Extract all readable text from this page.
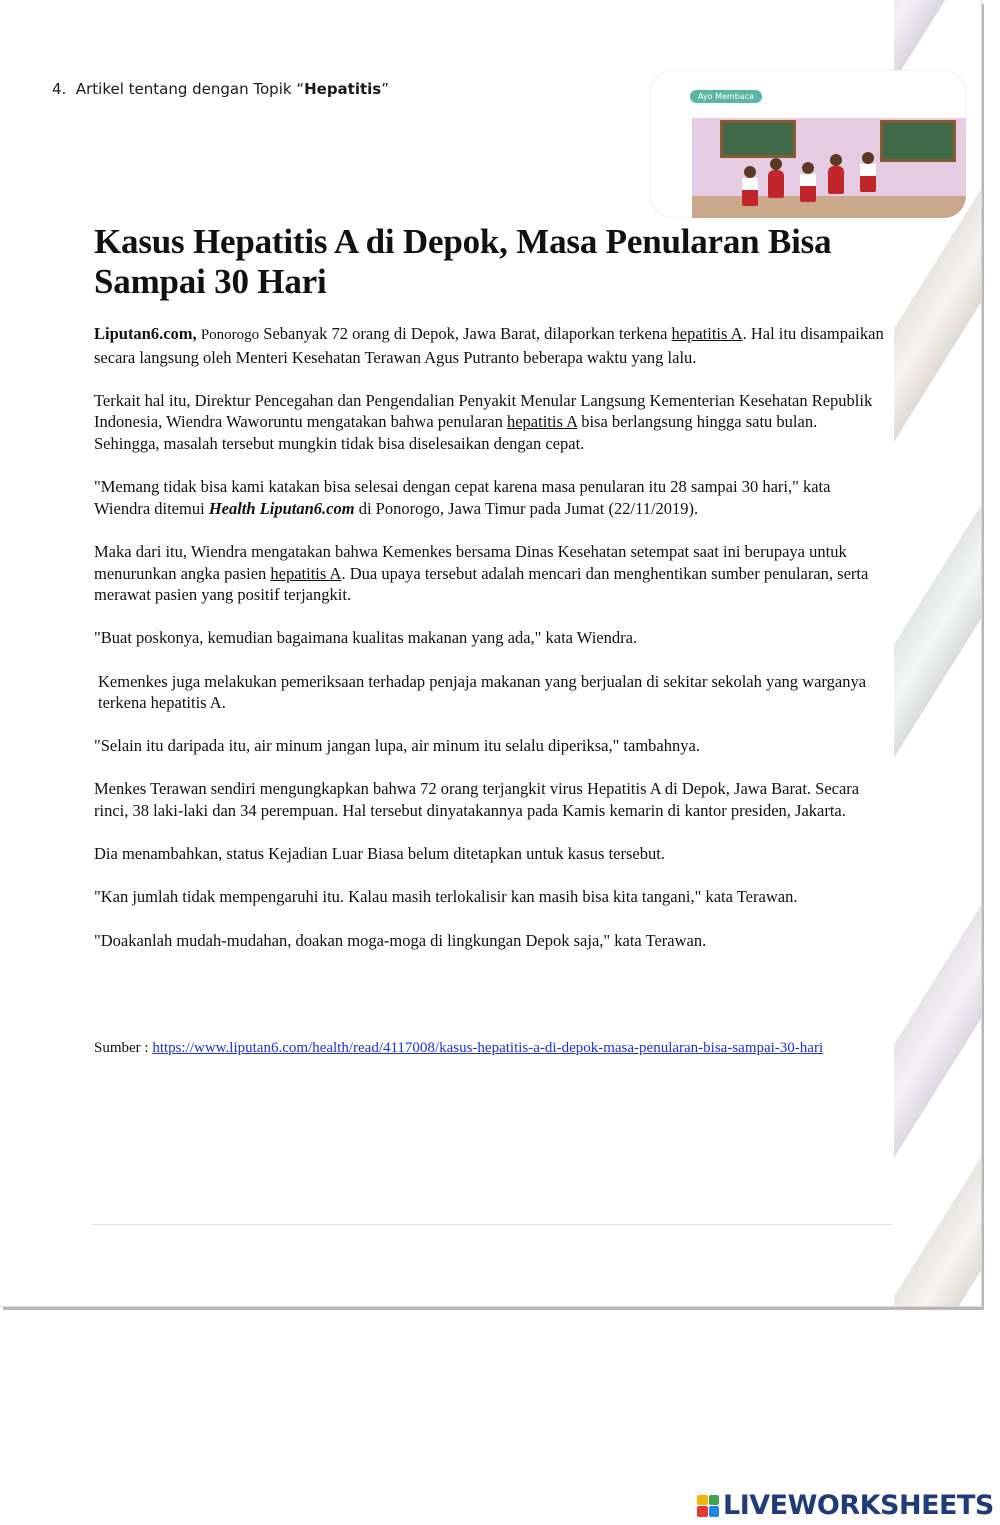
4. Artikel tentang dengan Topik “Hepatitis”	Ayo Membaca
Kasus Hepatitis A di Depok, Masa Penularan Bisa
Sampai 30 Hari

Liputan6.com, Ponorogo Sebanyak 72 orang di Depok, Jawa Barat, dilaporkan terkena hepatitis A. Hal itu disampaikan secara langsung oleh Menteri Kesehatan Terawan Agus Putranto beberapa waktu yang lalu.

Terkait hal itu, Direktur Pencegahan dan Pengendalian Penyakit Menular Langsung Kementerian Kesehatan Republik Indonesia, Wiendra Waworuntu mengatakan bahwa penularan hepatitis A bisa berlangsung hingga satu bulan. Sehingga, masalah tersebut mungkin tidak bisa diselesaikan dengan cepat.

"Memang tidak bisa kami katakan bisa selesai dengan cepat karena masa penularan itu 28 sampai 30 hari," kata Wiendra ditemui Health Liputan6.com di Ponorogo, Jawa Timur pada Jumat (22/11/2019).

Maka dari itu, Wiendra mengatakan bahwa Kemenkes bersama Dinas Kesehatan setempat saat ini berupaya untuk menurunkan angka pasien hepatitis A. Dua upaya tersebut adalah mencari dan menghentikan sumber penularan, serta merawat pasien yang positif terjangkit.

"Buat poskonya, kemudian bagaimana kualitas makanan yang ada," kata Wiendra.

Kemenkes juga melakukan pemeriksaan terhadap penjaja makanan yang berjualan di sekitar sekolah yang warganya terkena hepatitis A.

"Selain itu daripada itu, air minum jangan lupa, air minum itu selalu diperiksa," tambahnya.

Menkes Terawan sendiri mengungkapkan bahwa 72 orang terjangkit virus Hepatitis A di Depok, Jawa Barat. Secara rinci, 38 laki-laki dan 34 perempuan. Hal tersebut dinyatakannya pada Kamis kemarin di kantor presiden, Jakarta.

Dia menambahkan, status Kejadian Luar Biasa belum ditetapkan untuk kasus tersebut.

"Kan jumlah tidak mempengaruhi itu. Kalau masih terlokalisir kan masih bisa kita tangani," kata Terawan.

"Doakanlah mudah-mudahan, doakan moga-moga di lingkungan Depok saja," kata Terawan.

Sumber : https://www.liputan6.com/health/read/4117008/kasus-hepatitis-a-di-depok-masa-penularan-bisa-sampai-30-hari

LIVEWORKSHEETS
